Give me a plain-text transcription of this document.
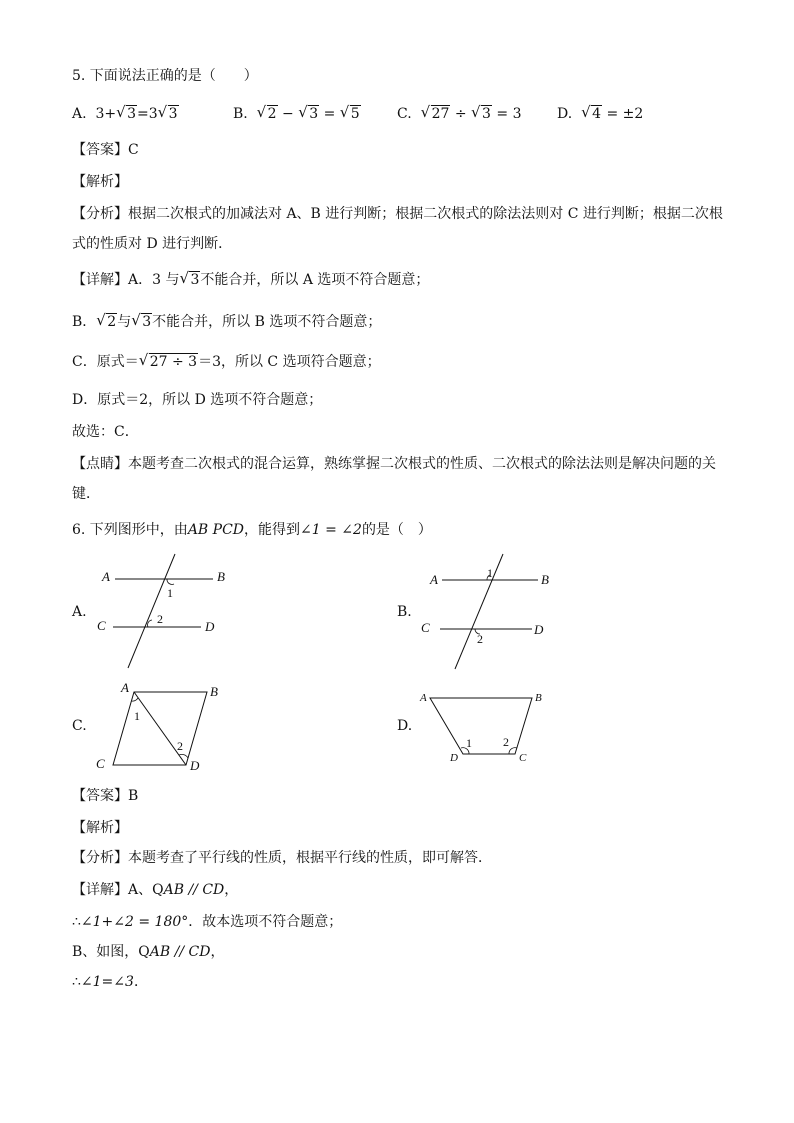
5. 下面说法正确的是（　　）
A. 3+ √ 3=3 √ 3	B. √ 2 − √ 3 = √ 5	C. √ 27 ÷ √ 3 = 3	D. √ 4 = ±2
【答案】C
【解析】
【分析】根据二次根式的加减法对 A、B 进行判断；根据二次根式的除法法则对 C 进行判断；根据二次根
式的性质对 D 进行判断．
【详解】A．3 与 √ 3不能合并，所以 A 选项不符合题意；
B． √ 2与 √ 3不能合并，所以 B 选项不符合题意；
C．原式＝ √ 27 ÷ 3＝3，所以 C 选项符合题意；
D．原式＝2，所以 D 选项不符合题意；
故选：C．
【点睛】本题考查二次根式的混合运算，熟练掌握二次根式的性质、二次根式的除法法则是解决问题的关
键．
6. 下列图形中，由AB PCD，能得到∠1 = ∠2的是（　）
A.	B.
C.	D.
A	B
C	D
1
2
A	B
C	D
1
2
A	B
C	D
1
2
A	B
D	C
1	2
【答案】B
【解析】
【分析】本题考查了平行线的性质，根据平行线的性质，即可解答．
【详解】A、QAB // CD，
∴∠1+∠2 = 180°．故本选项不符合题意；
B、如图，QAB // CD，
∴∠1=∠3．
